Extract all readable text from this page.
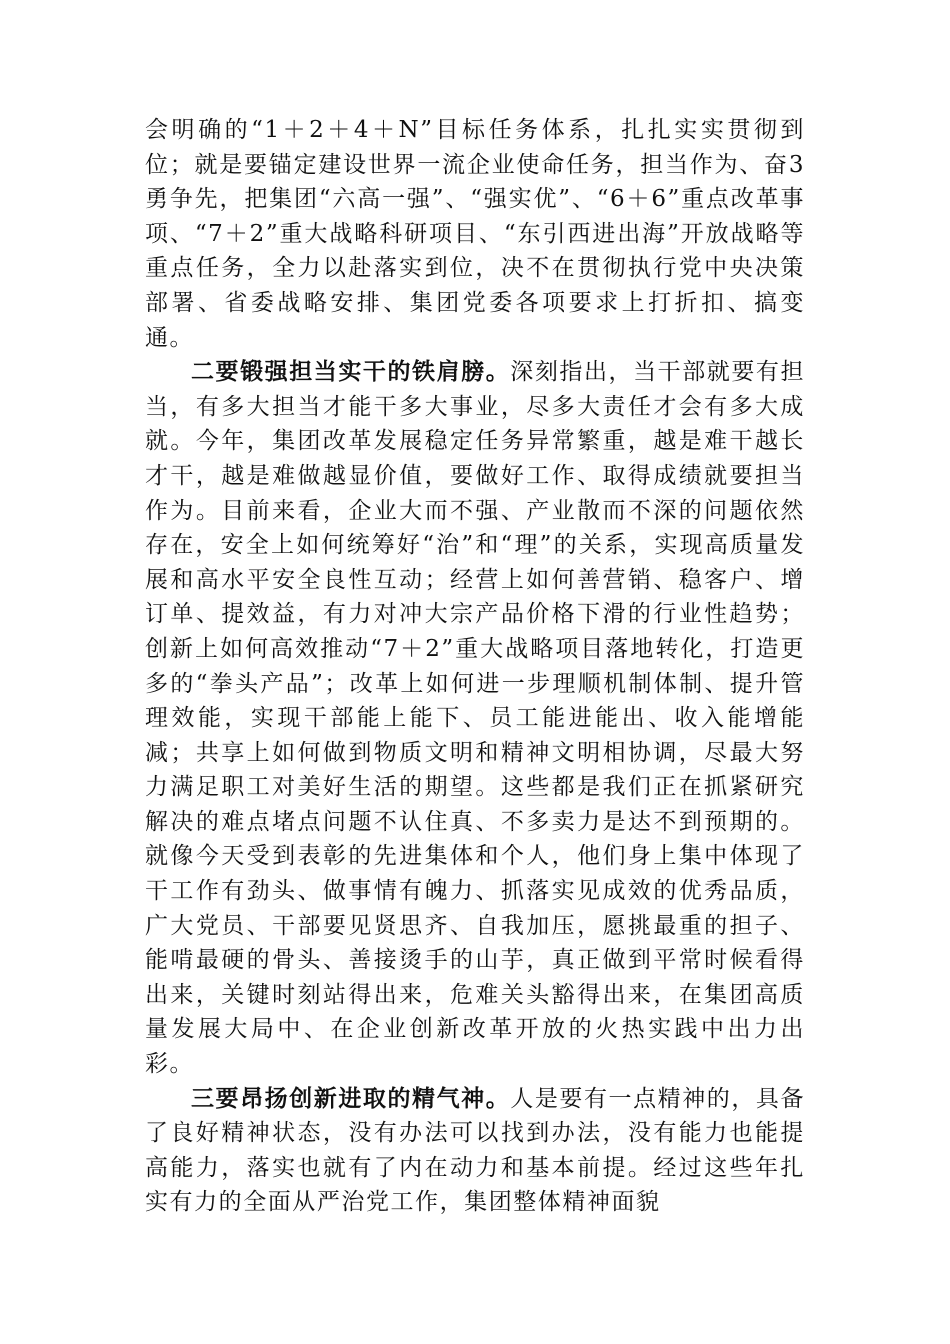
会明确的“1＋2＋4＋N”目标任务体系，扎扎实实贯彻到位；就是要锚定建设世界一流企业使命任务，担当作为、奋3勇争先，把集团“六高一强”、“强实优”、“6＋6”重点改革事项、“7＋2”重大战略科研项目、“东引西进出海”开放战略等重点任务，全力以赴落实到位，决不在贯彻执行党中央决策部署、省委战略安排、集团党委各项要求上打折扣、搞变通。

二要锻强担当实干的铁肩膀。深刻指出，当干部就要有担当，有多大担当才能干多大事业，尽多大责任才会有多大成就。今年，集团改革发展稳定任务异常繁重，越是难干越长才干，越是难做越显价值，要做好工作、取得成绩就要担当作为。目前来看，企业大而不强、产业散而不深的问题依然存在，安全上如何统筹好“治”和“理”的关系，实现高质量发展和高水平安全良性互动；经营上如何善营销、稳客户、增订单、提效益，有力对冲大宗产品价格下滑的行业性趋势；创新上如何高效推动“7＋2”重大战略项目落地转化，打造更多的“拳头产品”；改革上如何进一步理顺机制体制、提升管理效能，实现干部能上能下、员工能进能出、收入能增能减；共享上如何做到物质文明和精神文明相协调，尽最大努力满足职工对美好生活的期望。这些都是我们正在抓紧研究解决的难点堵点问题不认住真、不多卖力是达不到预期的。就像今天受到表彰的先进集体和个人，他们身上集中体现了干工作有劲头、做事情有魄力、抓落实见成效的优秀品质，广大党员、干部要见贤思齐、自我加压，愿挑最重的担子、能啃最硬的骨头、善接烫手的山芋，真正做到平常时候看得出来，关键时刻站得出来，危难关头豁得出来，在集团高质量发展大局中、在企业创新改革开放的火热实践中出力出彩。

三要昂扬创新进取的精气神。人是要有一点精神的，具备了良好精神状态，没有办法可以找到办法，没有能力也能提高能力，落实也就有了内在动力和基本前提。经过这些年扎实有力的全面从严治党工作，集团整体精神面貌
